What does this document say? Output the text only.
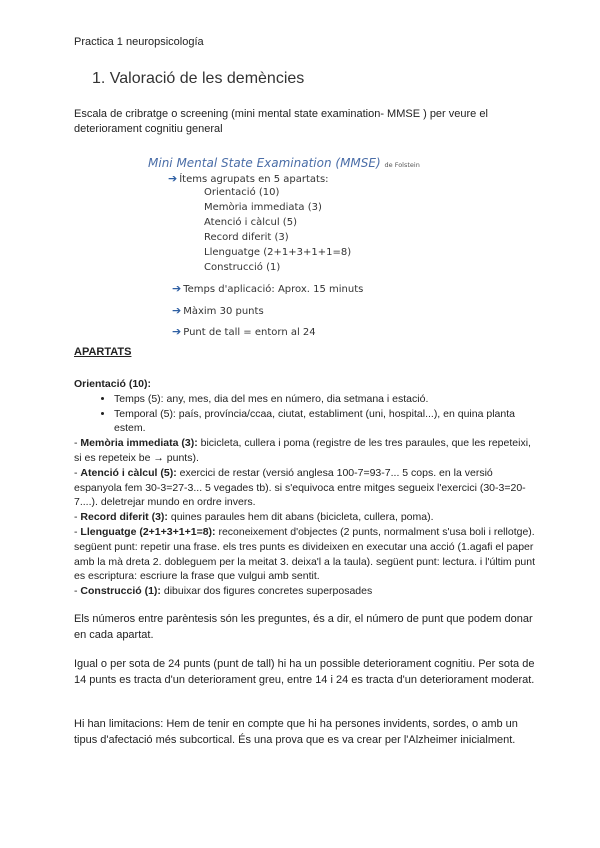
Practica 1 neuropsicología
1. Valoració de les demències
Escala de cribratge o screening (mini mental state examination- MMSE ) per veure el deteriorament cognitiu general
Mini Mental State Examination (MMSE) de Folstein
➔ Ítems agrupats en 5 apartats:
Orientació (10)
Memòria immediata (3)
Atenció i càlcul (5)
Record diferit (3)
Llenguatge (2+1+3+1+1=8)
Construcció (1)
➔ Temps d'aplicació: Aprox. 15 minuts
➔ Màxim 30 punts
➔ Punt de tall = entorn al 24
APARTATS

Orientació (10):

• Temps (5): any, mes, dia del mes en número, dia setmana i estació.
• Temporal (5): país, província/ccaa, ciutat, establiment (uni, hospital...), en quina planta estem.

- Memòria immediata (3): bicicleta, cullera i poma (registre de les tres paraules, que les repeteixi, si es repeteix be → punts).

- Atenció i càlcul (5): exercici de restar (versió anglesa 100-7=93-7... 5 cops. en la versió espanyola fem 30-3=27-3... 5 vegades tb). si s'equivoca entre mitges segueix l'exercici (30-3=20-7....). deletrejar mundo en ordre invers.

- Record diferit (3): quines paraules hem dit abans (bicicleta, cullera, poma).

- Llenguatge (2+1+3+1+1=8): reconeixement d'objectes (2 punts, normalment s'usa boli i rellotge). següent punt: repetir una frase. els tres punts es divideixen en executar una acció (1.agafi el paper amb la mà dreta 2. dobleguem per la meitat 3. deixa'l a la taula). següent punt: lectura. i l'últim punt es escriptura: escriure la frase que vulgui amb sentit.

- Construcció (1): dibuixar dos figures concretes superposades

Els números entre parèntesis són les preguntes, és a dir, el número de punt que podem donar en cada apartat.
Igual o per sota de 24 punts (punt de tall) hi ha un possible deteriorament cognitiu. Per sota de 14 punts es tracta d'un deteriorament greu, entre 14 i 24 es tracta d'un deteriorament moderat.
Hi han limitacions: Hem de tenir en compte que hi ha persones invidents, sordes, o amb un tipus d'afectació més subcortical. És una prova que es va crear per l'Alzheimer inicialment.
